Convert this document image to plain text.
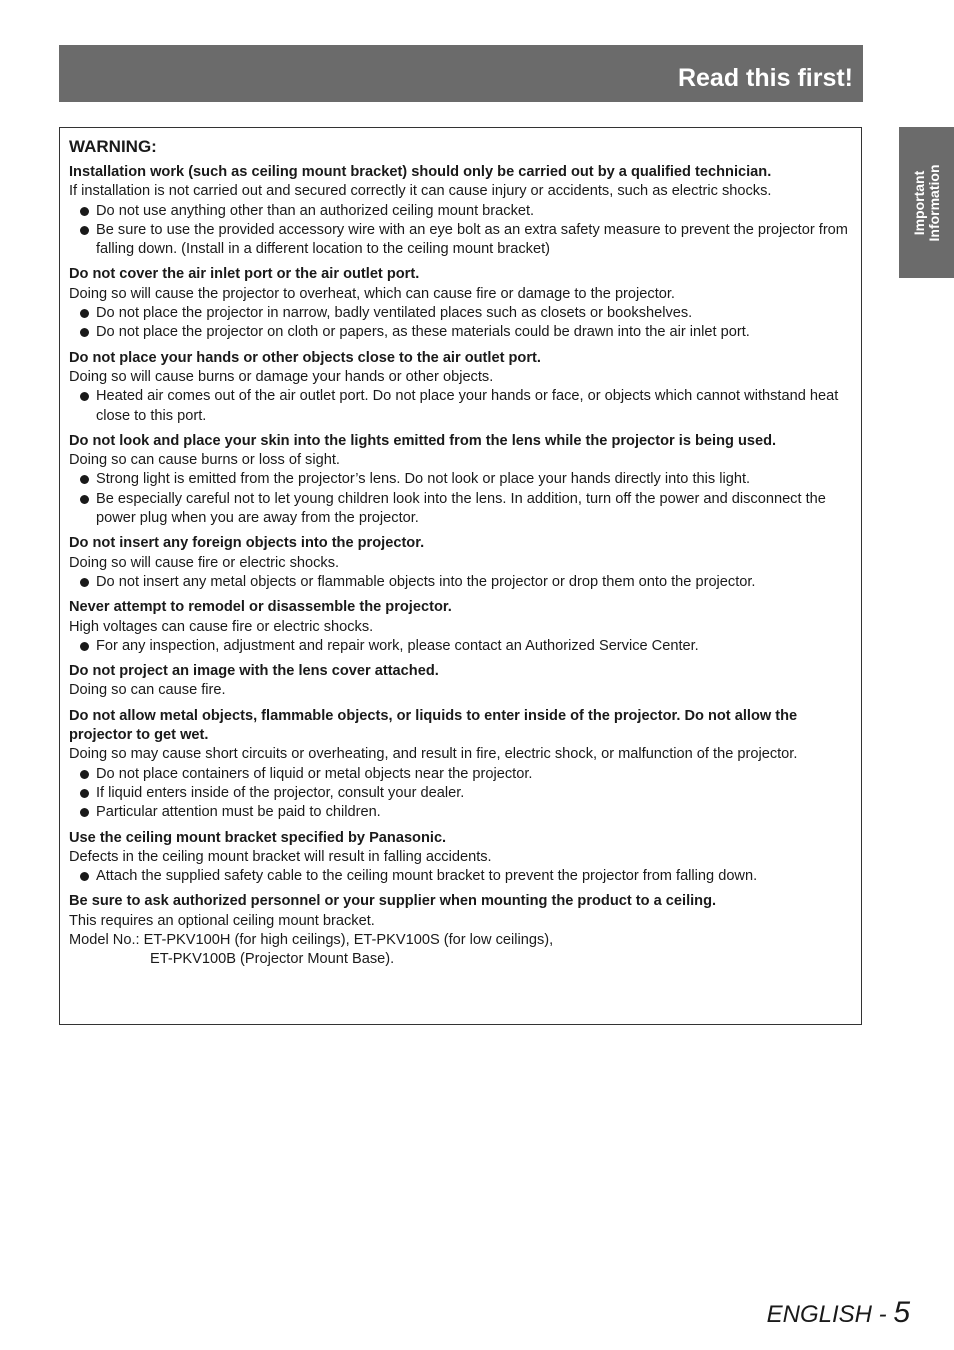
Read this first!
Important Information
WARNING:
Installation work (such as ceiling mount bracket) should only be carried out by a qualified technician.
If installation is not carried out and secured correctly it can cause injury or accidents, such as electric shocks.
Do not use anything other than an authorized ceiling mount bracket.
Be sure to use the provided accessory wire with an eye bolt as an extra safety measure to prevent the projector from falling down. (Install in a different location to the ceiling mount bracket)
Do not cover the air inlet port or the air outlet port.
Doing so will cause the projector to overheat, which can cause fire or damage to the projector.
Do not place the projector in narrow, badly ventilated places such as closets or bookshelves.
Do not place the projector on cloth or papers, as these materials could be drawn into the air inlet port.
Do not place your hands or other objects close to the air outlet port.
Doing so will cause burns or damage your hands or other objects.
Heated air comes out of the air outlet port. Do not place your hands or face, or objects which cannot withstand heat close to this port.
Do not look and place your skin into the lights emitted from the lens while the projector is being used.
Doing so can cause burns or loss of sight.
Strong light is emitted from the projector’s lens. Do not look or place your hands directly into this light.
Be especially careful not to let young children look into the lens. In addition, turn off the power and disconnect the power plug when you are away from the projector.
Do not insert any foreign objects into the projector.
Doing so will cause fire or electric shocks.
Do not insert any metal objects or flammable objects into the projector or drop them onto the projector.
Never attempt to remodel or disassemble the projector.
High voltages can cause fire or electric shocks.
For any inspection, adjustment and repair work, please contact an Authorized Service Center.
Do not project an image with the lens cover attached.
Doing so can cause fire.
Do not allow metal objects, flammable objects, or liquids to enter inside of the projector. Do not allow the projector to get wet.
Doing so may cause short circuits or overheating, and result in fire, electric shock, or malfunction of the projector.
Do not place containers of liquid or metal objects near the projector.
If liquid enters inside of the projector, consult your dealer.
Particular attention must be paid to children.
Use the ceiling mount bracket specified by Panasonic.
Defects in the ceiling mount bracket will result in falling accidents.
Attach the supplied safety cable to the ceiling mount bracket to prevent the projector from falling down.
Be sure to ask authorized personnel or your supplier when mounting the product to a ceiling.
This requires an optional ceiling mount bracket.
Model No.: ET-PKV100H (for high ceilings), ET-PKV100S (for low ceilings),
ET-PKV100B (Projector Mount Base).
ENGLISH - 5
